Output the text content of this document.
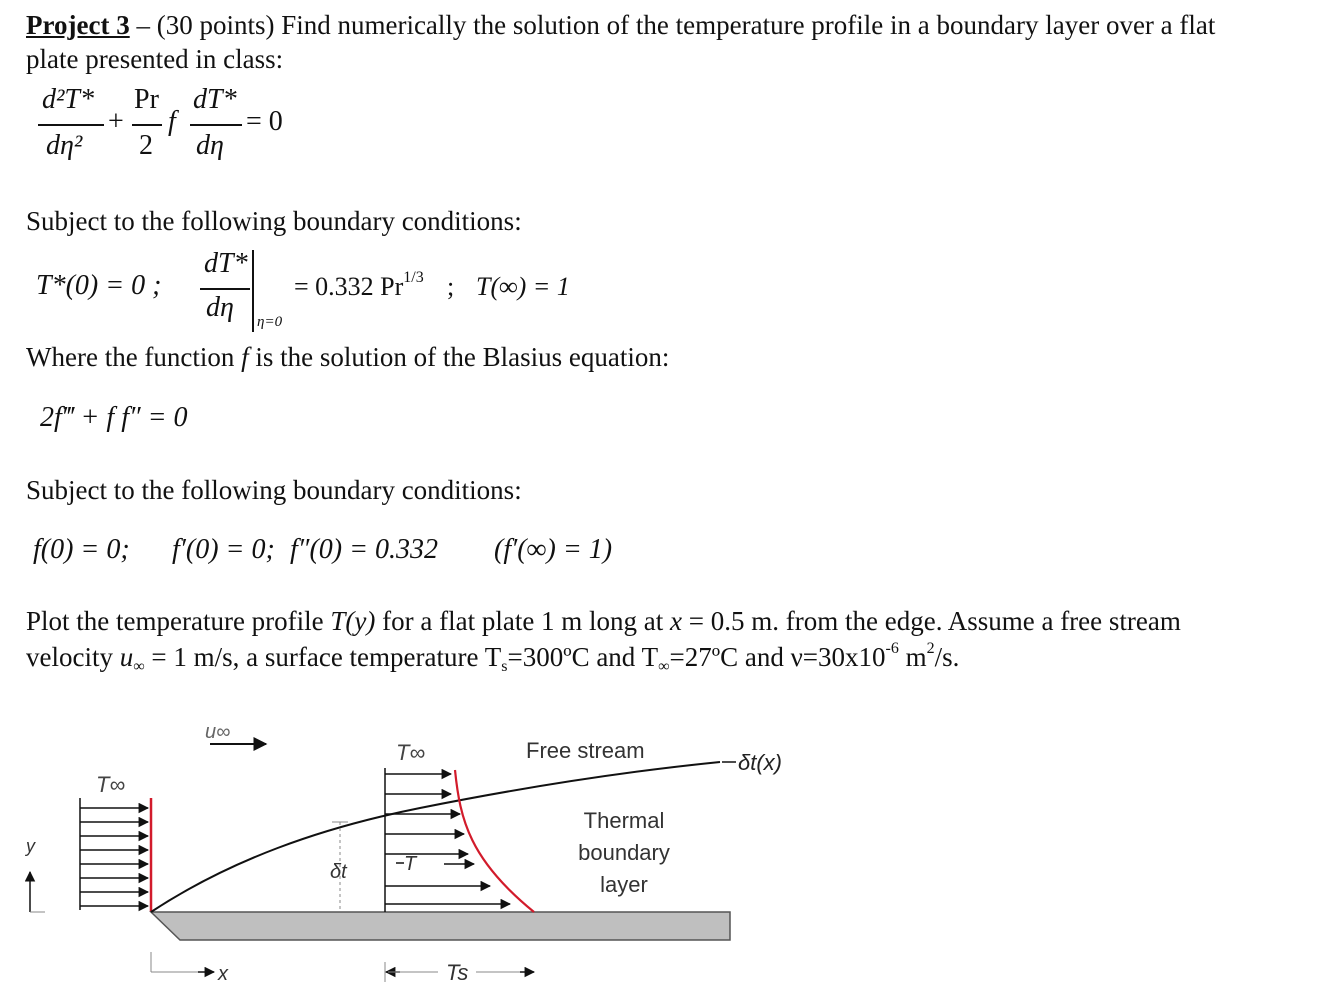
Project 3 – (30 points) Find numerically the solution of the temperature profile in a boundary layer over a flat
plate presented in class:
d²T*
dη²
+
Pr
2
f
dT*
dη
= 0
Subject to the following boundary conditions:
T*(0) = 0 ;
dT*
dη η=0
= 0.332 $Pr^{1/3}$ ; T(∞) = 1
Where the function f is the solution of the Blasius equation:
2f‴ + f f″ = 0
Subject to the following boundary conditions:
f(0) = 0; f′(0) = 0; f″(0) = 0.332 (f′(∞) = 1)
Plot the temperature profile T(y) for a flat plate 1 m long at x = 0.5 m. from the edge. Assume a free stream
velocity $u_\infty = 1$ m/s, a surface temperature $T_s=300ºC$ and $T_\infty=27ºC$ and $\nu=30x10^{-6}$ $m^2/s$.
u∞
T∞
y
δt
T∞
T
Free stream	δt(x)
Thermal
boundary
layer
x	Ts
